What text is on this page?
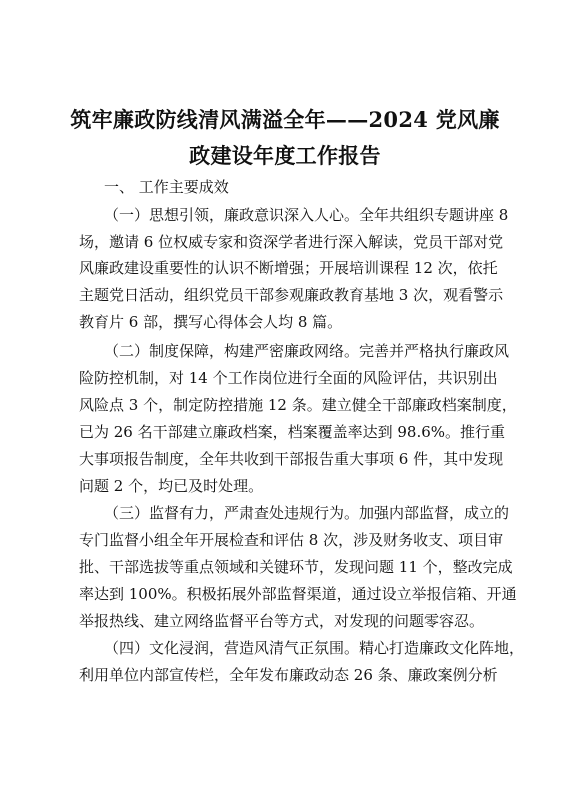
筑牢廉政防线清风满溢全年——2024 党风廉
政建设年度工作报告
一、 工作主要成效
（一）思想引领，廉政意识深入人心。全年共组织专题讲座 8
场，邀请 6 位权威专家和资深学者进行深入解读，党员干部对党
风廉政建设重要性的认识不断增强；开展培训课程 12 次，依托
主题党日活动，组织党员干部参观廉政教育基地 3 次，观看警示
教育片 6 部，撰写心得体会人均 8 篇。
（二）制度保障，构建严密廉政网络。完善并严格执行廉政风
险防控机制，对 14 个工作岗位进行全面的风险评估，共识别出
风险点 3 个，制定防控措施 12 条。建立健全干部廉政档案制度，
已为 26 名干部建立廉政档案，档案覆盖率达到 98.6%。推行重
大事项报告制度，全年共收到干部报告重大事项 6 件，其中发现
问题 2 个，均已及时处理。
（三）监督有力，严肃查处违规行为。加强内部监督，成立的
专门监督小组全年开展检查和评估 8 次，涉及财务收支、项目审
批、干部选拔等重点领域和关键环节，发现问题 11 个，整改完成
率达到 100%。积极拓展外部监督渠道，通过设立举报信箱、开通
举报热线、建立网络监督平台等方式，对发现的问题零容忍。
（四）文化浸润，营造风清气正氛围。精心打造廉政文化阵地，
利用单位内部宣传栏，全年发布廉政动态 26 条、廉政案例分析
